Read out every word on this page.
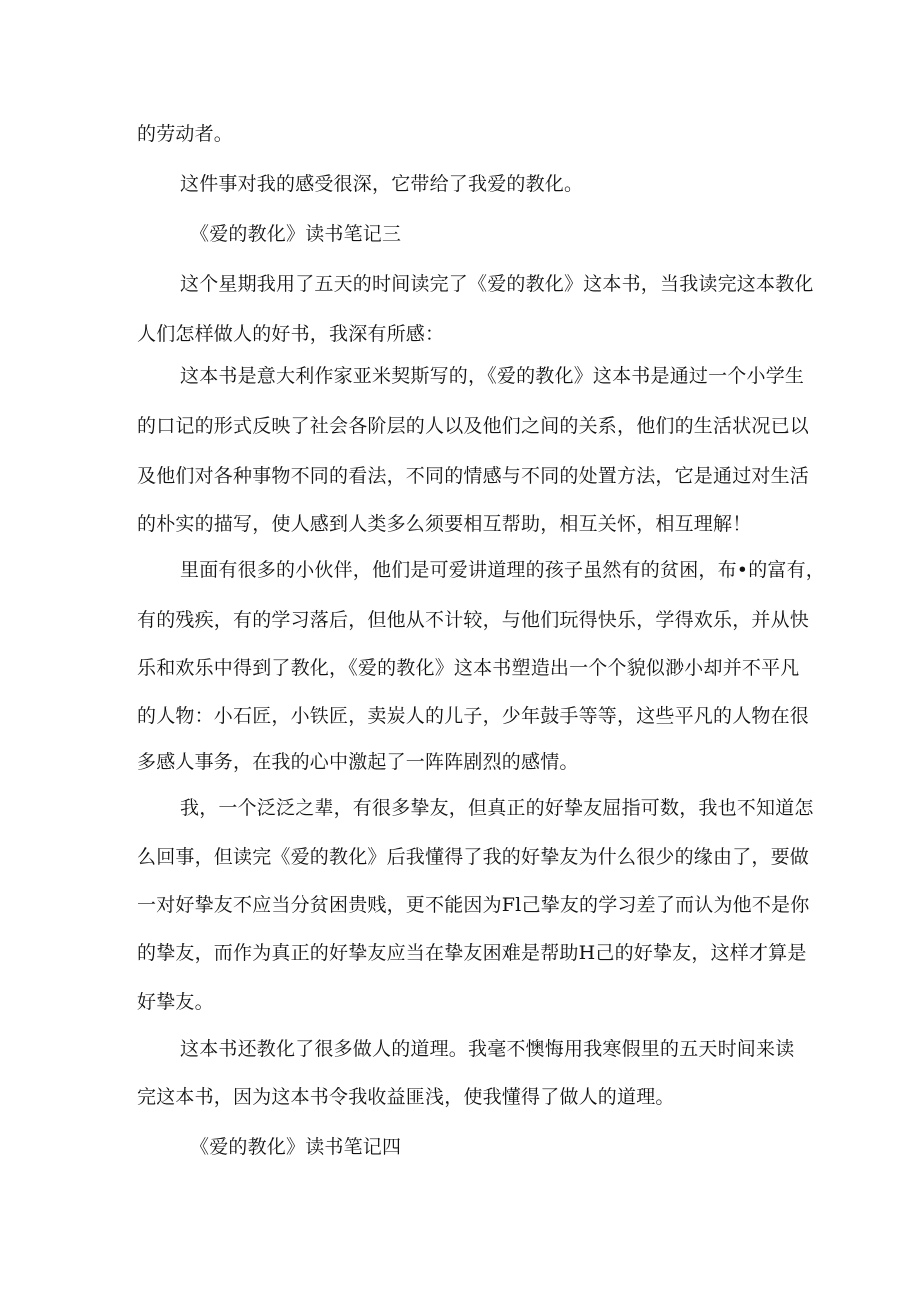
的劳动者。
这件事对我的感受很深，它带给了我爱的教化。
《爱的教化》读书笔记三
这个星期我用了五天的时间读完了《爱的教化》这本书，当我读完这本教化
人们怎样做人的好书，我深有所感：
这本书是意大利作家亚米契斯写的，《爱的教化》这本书是通过一个小学生
的口记的形式反映了社会各阶层的人以及他们之间的关系，他们的生活状况已以
及他们对各种事物不同的看法，不同的情感与不同的处置方法，它是通过对生活
的朴实的描写，使人感到人类多么须要相互帮助，相互关怀，相互理解！
里面有很多的小伙伴，他们是可爱讲道理的孩子虽然有的贫困，布•的富有，
有的残疾，有的学习落后，但他从不计较，与他们玩得快乐，学得欢乐，并从快
乐和欢乐中得到了教化，《爱的教化》这本书塑造出一个个貌似渺小却并不平凡
的人物：小石匠，小铁匠，卖炭人的儿子，少年鼓手等等，这些平凡的人物在很
多感人事务，在我的心中激起了一阵阵剧烈的感情。
我，一个泛泛之辈，有很多挚友，但真正的好挚友屈指可数，我也不知道怎
么回事，但读完《爱的教化》后我懂得了我的好挚友为什么很少的缘由了，要做
一对好挚友不应当分贫困贵贱，更不能因为Fl己挚友的学习差了而认为他不是你
的挚友，而作为真正的好挚友应当在挚友困难是帮助H己的好挚友，这样才算是
好挚友。
这本书还教化了很多做人的道理。我毫不懊悔用我寒假里的五天时间来读
完这本书，因为这本书令我收益匪浅，使我懂得了做人的道理。
《爱的教化》读书笔记四
